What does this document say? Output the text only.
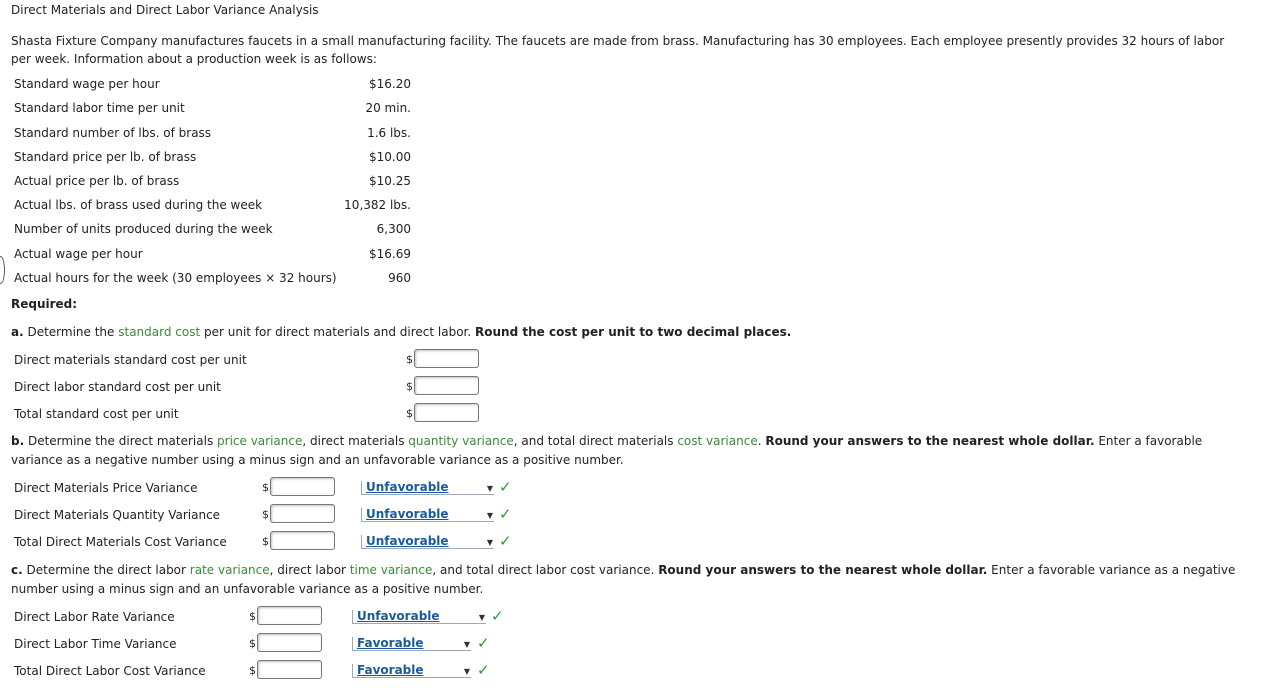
Direct Materials and Direct Labor Variance Analysis
Shasta Fixture Company manufactures faucets in a small manufacturing facility. The faucets are made from brass. Manufacturing has 30 employees. Each employee presently provides 32 hours of labor per week. Information about a production week is as follows:
Standard wage per hour	$16.20
Standard labor time per unit	20 min.
Standard number of lbs. of brass	1.6 lbs.
Standard price per lb. of brass	$10.00
Actual price per lb. of brass	$10.25
Actual lbs. of brass used during the week	10,382 lbs.
Number of units produced during the week	6,300
Actual wage per hour	$16.69
Actual hours for the week (30 employees × 32 hours)	960
Required:
a. Determine the standard cost per unit for direct materials and direct labor. Round the cost per unit to two decimal places.
Direct materials standard cost per unit	$
Direct labor standard cost per unit	$
Total standard cost per unit	$
b. Determine the direct materials price variance, direct materials quantity variance, and total direct materials cost variance. Round your answers to the nearest whole dollar. Enter a favorable variance as a negative number using a minus sign and an unfavorable variance as a positive number.
Direct Materials Price Variance	$	Unfavorable	▼ ✓
Direct Materials Quantity Variance	$	Unfavorable	▼ ✓
Total Direct Materials Cost Variance	$	Unfavorable	▼ ✓
c. Determine the direct labor rate variance, direct labor time variance, and total direct labor cost variance. Round your answers to the nearest whole dollar. Enter a favorable variance as a negative number using a minus sign and an unfavorable variance as a positive number.
Direct Labor Rate Variance	$	Unfavorable	▼ ✓
Direct Labor Time Variance	$	Favorable	▼ ✓
Total Direct Labor Cost Variance	$	Favorable	▼ ✓
